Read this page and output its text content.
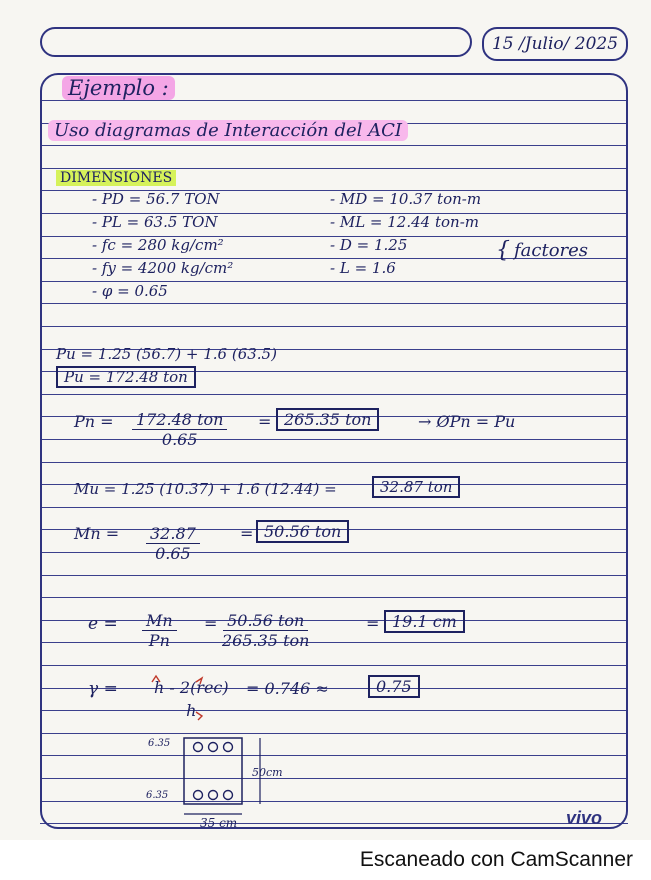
15 /Julio/ 2025
Ejemplo :
Uso diagramas de Interacción del ACI
DIMENSIONES
- PD = 56.7 TON
- PL = 63.5 TON
- fc = 280 kg/cm²
- fy = 4200 kg/cm²
- φ = 0.65
- MD = 10.37 ton-m
- ML = 12.44 ton-m
- D = 1.25
- L = 1.6
{ factores
Pu = 1.25 (56.7) + 1.6 (63.5)
Pu = 172.48 ton
Pn = 172.48 ton
0.65
= 265.35 ton	→ ØPn = Pu
Mu = 1.25 (10.37) + 1.6 (12.44) =	32.87 ton
$Mn = \frac{32.87}{0.65}$	= 50.56 ton
$e = \frac{Mn}{Pn} = 50.56$ ton
265.35 ton
= 19.1 cm
γ = h - 2(rec)
h
= 0.746 ≈	0.75
6.35
6.35
50cm
35 cm	vivo
Escaneado con CamScanner
